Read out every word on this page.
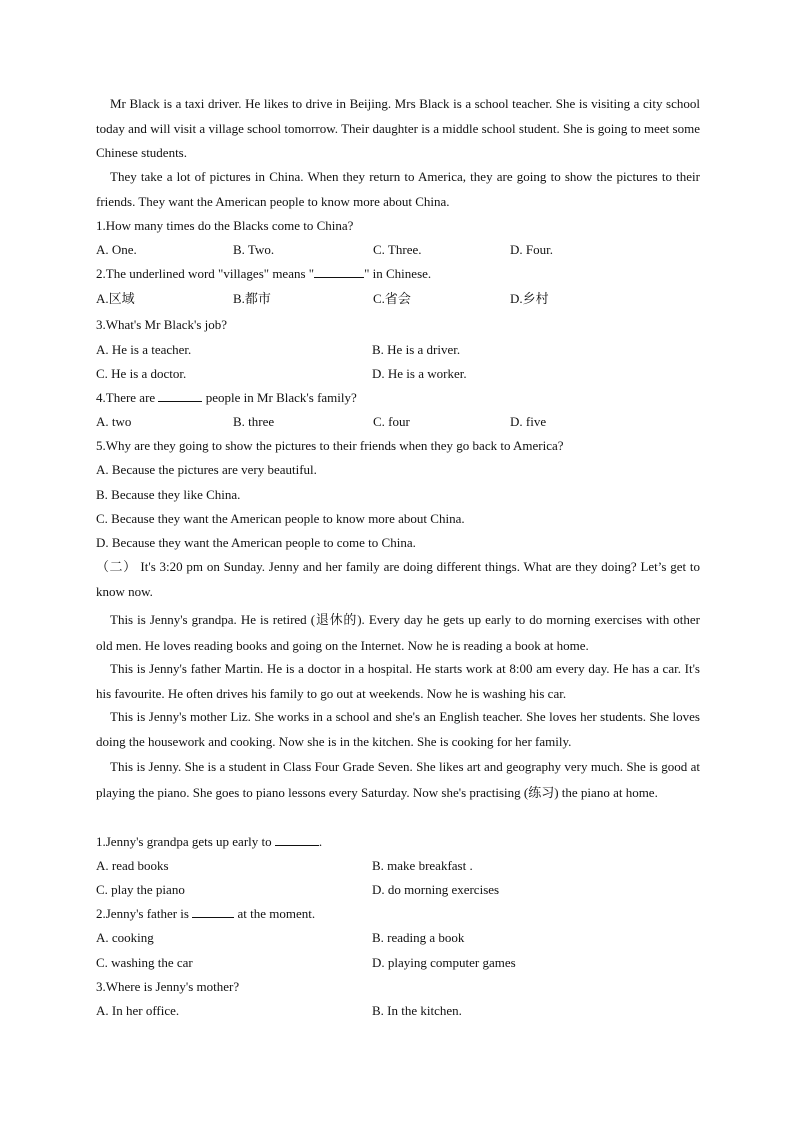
Mr Black is a taxi driver. He likes to drive in Beijing. Mrs Black is a school teacher. She is visiting a city school today and will visit a village school tomorrow. Their daughter is a middle school student. She is going to meet some Chinese students.

They take a lot of pictures in China. When they return to America, they are going to show the pictures to their friends. They want the American people to know more about China.

1.How many times do the Blacks come to China?
A. One.	B. Two.	C. Three.	D. Four.
2.The underlined word "villages" means "	" in Chinese.
A.区域	B.都市	C.省会	D.乡村
3.What's Mr Black's job?
A. He is a teacher.	B. He is a driver.
C. He is a doctor.	D. He is a worker.
4.There are	people in Mr Black's family?
A. two	B. three	C. four	D. five
5.Why are they going to show the pictures to their friends when they go back to America?
A. Because the pictures are very beautiful.
B. Because they like China.
C. Because they want the American people to know more about China.
D. Because they want the American people to come to China.

（二） It's 3:20 pm on Sunday. Jenny and her family are doing different things. What are they doing? Let’s get to know now.

This is Jenny's grandpa. He is retired (退休的). Every day he gets up early to do morning exercises with other old men. He loves reading books and going on the Internet. Now he is reading a book at home.

This is Jenny's father Martin. He is a doctor in a hospital. He starts work at 8:00 am every day. He has a car. It's his favourite. He often drives his family to go out at weekends. Now he is washing his car.

This is Jenny's mother Liz. She works in a school and she's an English teacher. She loves her students. She loves doing the housework and cooking. Now she is in the kitchen. She is cooking for her family.

This is Jenny. She is a student in Class Four Grade Seven. She likes art and geography very much. She is good at playing the piano. She goes to piano lessons every Saturday. Now she's practising (练习) the piano at home.

1.Jenny's grandpa gets up early to	.
A. read books	B. make breakfast .
C. play the piano	D. do morning exercises
2.Jenny's father is	at the moment.
A. cooking	B. reading a book
C. washing the car	D. playing computer games
3.Where is Jenny's mother?
A. In her office.	B. In the kitchen.
